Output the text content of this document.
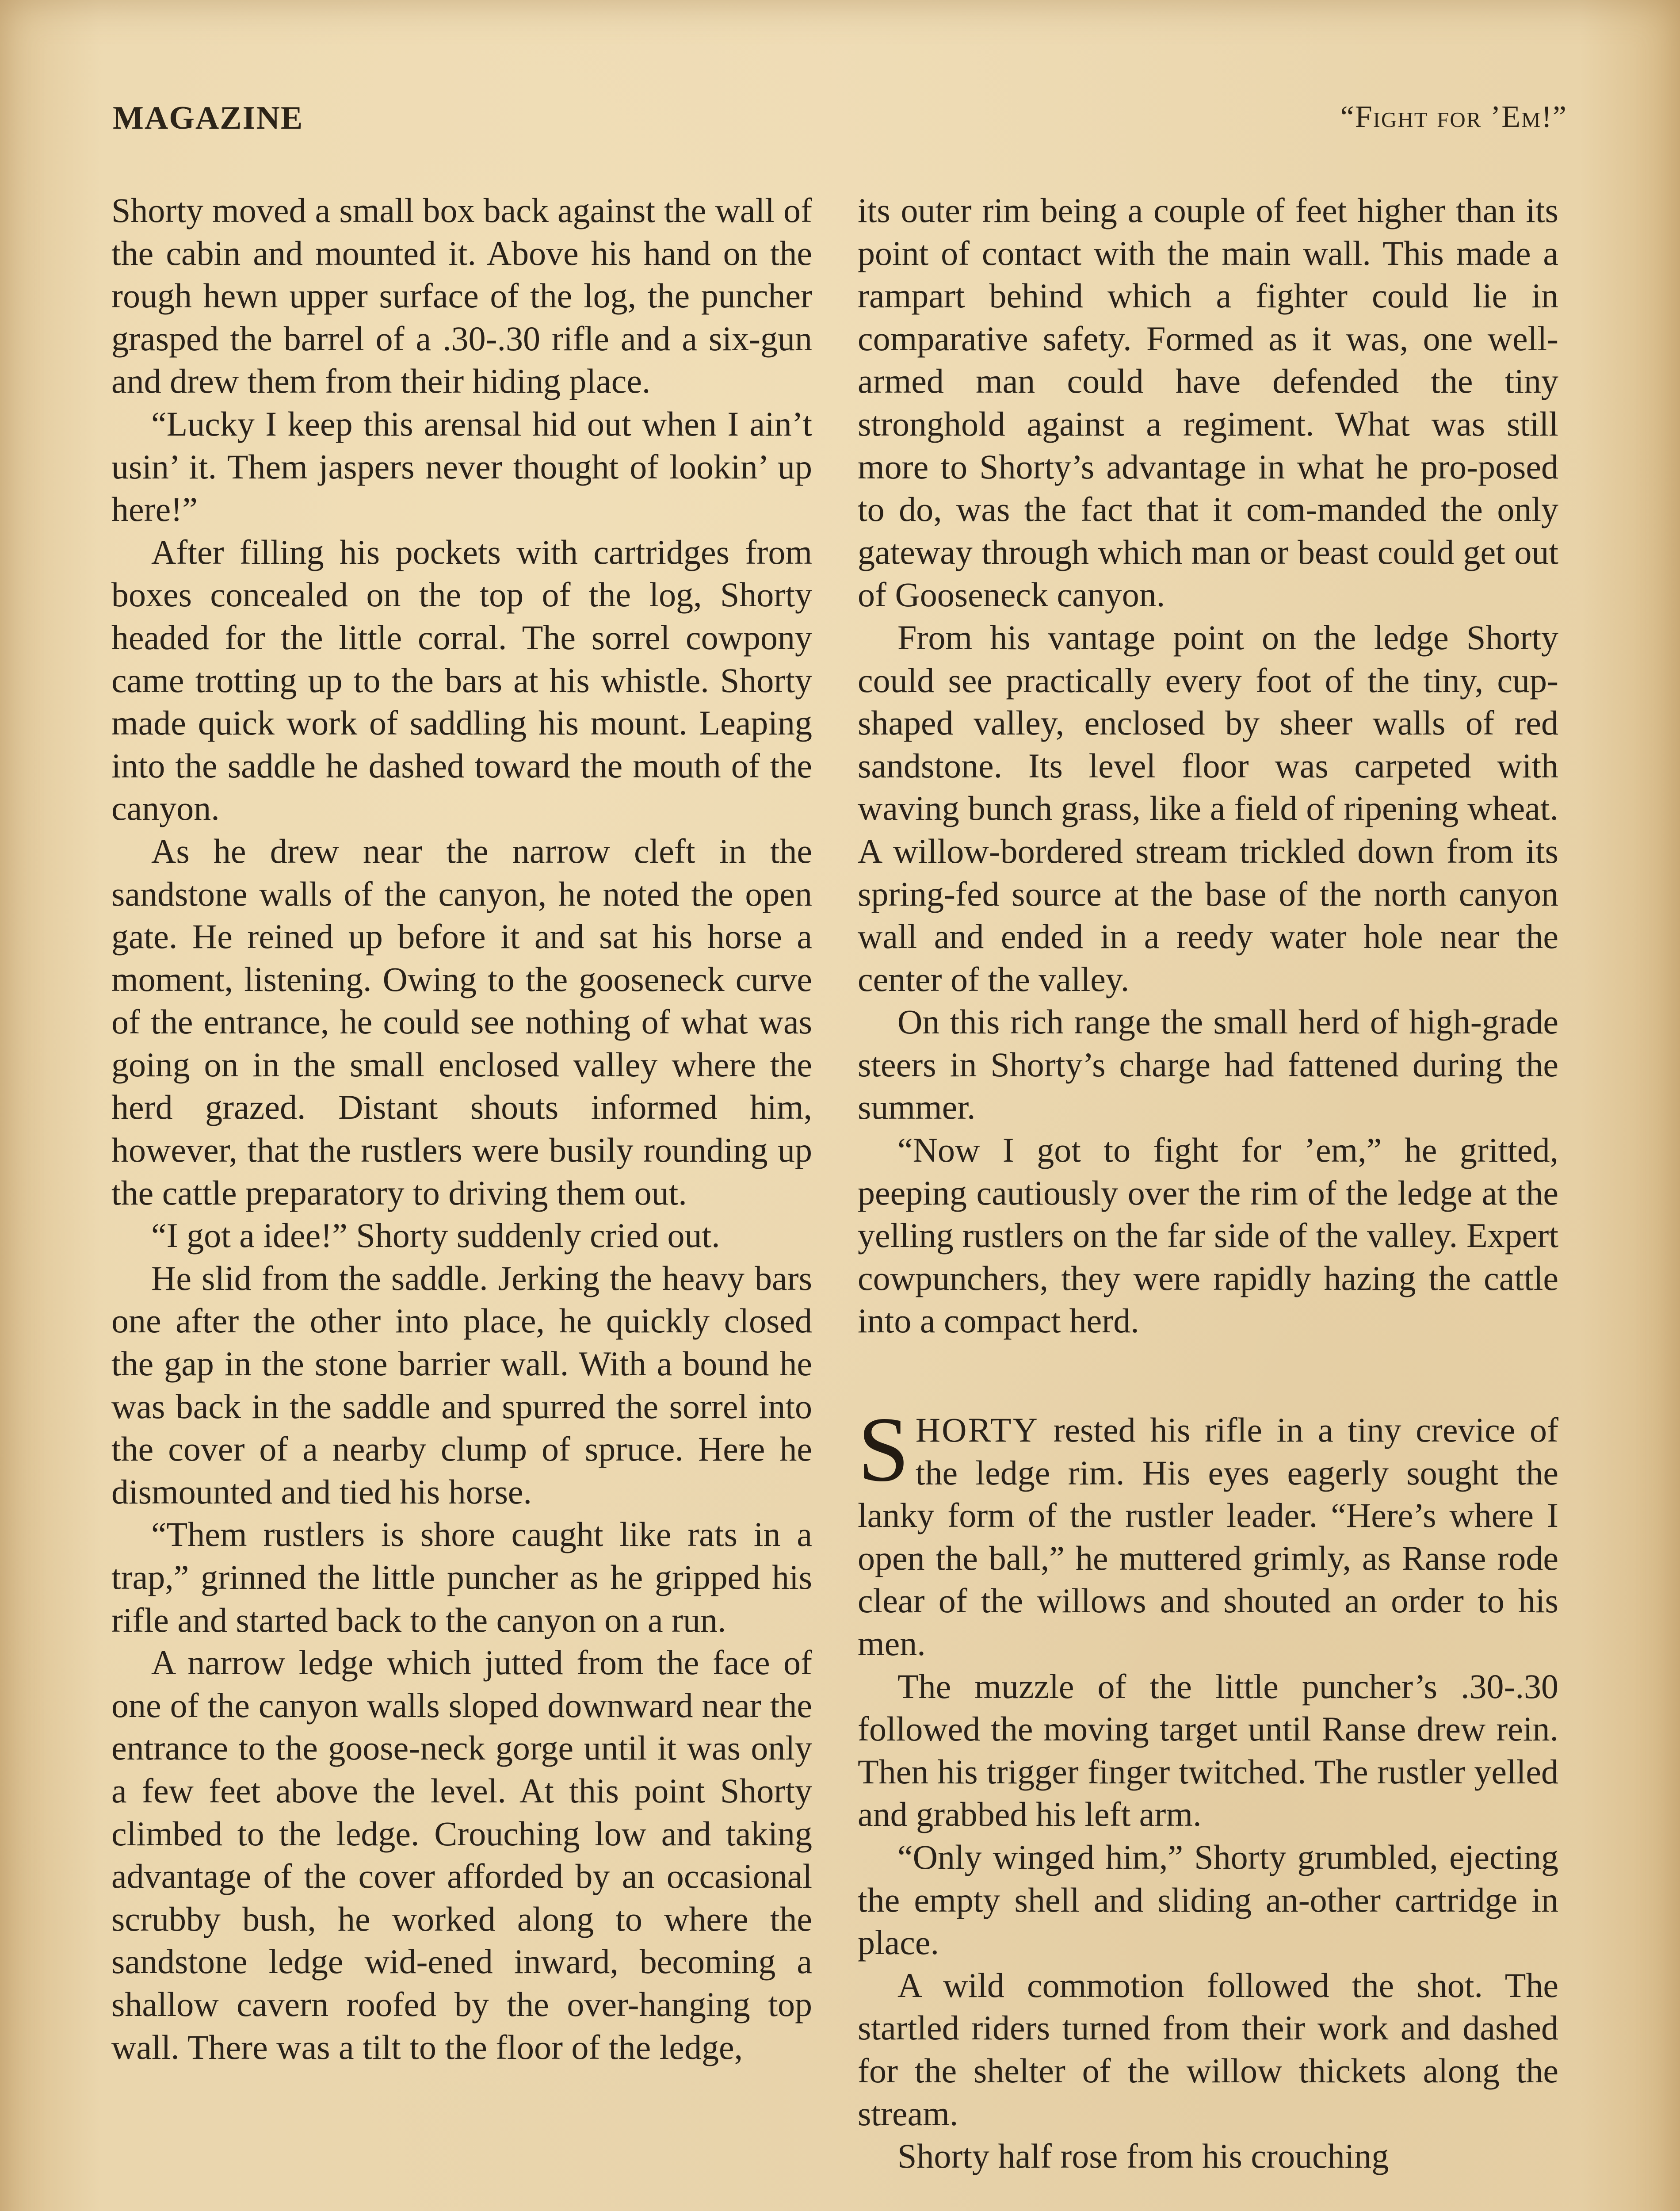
MAGAZINE	“Fight for ’Em!”

Shorty moved a small box back against the wall of the cabin and mounted it. Above his hand on the rough hewn upper surface of the log, the puncher grasped the barrel of a .30-.30 rifle and a six-gun and drew them from their hiding place.

“Lucky I keep this arensal hid out when I ain’t usin’ it. Them jaspers never thought of lookin’ up here!”

After filling his pockets with cartridges from boxes concealed on the top of the log, Shorty headed for the little corral. The sorrel cowpony came trotting up to the bars at his whistle. Shorty made quick work of saddling his mount. Leaping into the saddle he dashed toward the mouth of the canyon.

As he drew near the narrow cleft in the sandstone walls of the canyon, he noted the open gate. He reined up before it and sat his horse a moment, listening. Owing to the gooseneck curve of the entrance, he could see nothing of what was going on in the small enclosed valley where the herd grazed. Distant shouts informed him, however, that the rustlers were busily rounding up the cattle preparatory to driving them out.

“I got a idee!” Shorty suddenly cried out.

He slid from the saddle. Jerking the heavy bars one after the other into place, he quickly closed the gap in the stone barrier wall. With a bound he was back in the saddle and spurred the sorrel into the cover of a nearby clump of spruce. Here he dismounted and tied his horse.

“Them rustlers is shore caught like rats in a trap,” grinned the little puncher as he gripped his rifle and started back to the canyon on a run.

A narrow ledge which jutted from the face of one of the canyon walls sloped downward near the entrance to the goose-neck gorge until it was only a few feet above the level. At this point Shorty climbed to the ledge. Crouching low and taking advantage of the cover afforded by an occasional scrubby bush, he worked along to where the sandstone ledge wid-ened inward, becoming a shallow cavern roofed by the over-hanging top wall. There was a tilt to the floor of the ledge,

its outer rim being a couple of feet higher than its point of contact with the main wall. This made a rampart behind which a fighter could lie in comparative safety. Formed as it was, one well-armed man could have defended the tiny stronghold against a regiment. What was still more to Shorty’s advantage in what he pro-posed to do, was the fact that it com-manded the only gateway through which man or beast could get out of Gooseneck canyon.

From his vantage point on the ledge Shorty could see practically every foot of the tiny, cup-shaped valley, enclosed by sheer walls of red sandstone. Its level floor was carpeted with waving bunch grass, like a field of ripening wheat. A willow-bordered stream trickled down from its spring-fed source at the base of the north canyon wall and ended in a reedy water hole near the center of the valley.

On this rich range the small herd of high-grade steers in Shorty’s charge had fattened during the summer.

“Now I got to fight for ’em,” he gritted, peeping cautiously over the rim of the ledge at the yelling rustlers on the far side of the valley. Expert cowpunchers, they were rapidly hazing the cattle into a compact herd.

SHORTY rested his rifle in a tiny crevice of the ledge rim. His eyes eagerly sought the lanky form of the rustler leader. “Here’s where I open the ball,” he muttered grimly, as Ranse rode clear of the willows and shouted an order to his men.

The muzzle of the little puncher’s .30-.30 followed the moving target until Ranse drew rein. Then his trigger finger twitched. The rustler yelled and grabbed his left arm.

“Only winged him,” Shorty grumbled, ejecting the empty shell and sliding an-other cartridge in place.

A wild commotion followed the shot. The startled riders turned from their work and dashed for the shelter of the willow thickets along the stream.

Shorty half rose from his crouching
